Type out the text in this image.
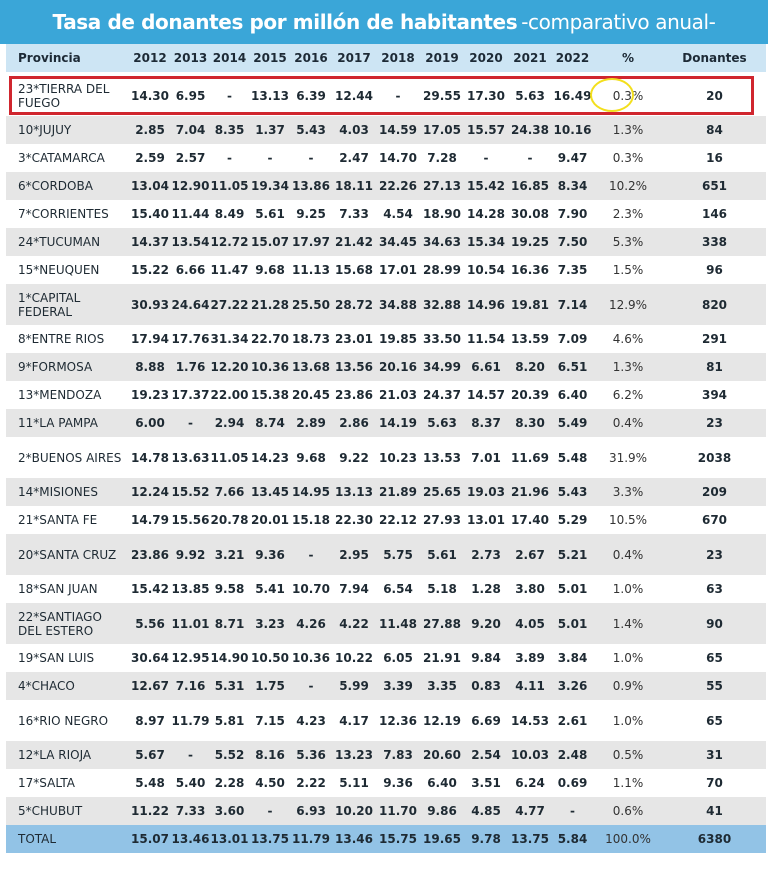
Tasa de donantes por millón de habitantes -comparativo anual-
Provincia	2012 2013 2014 2015 2016 2017 2018 2019 2020 2021 2022	%	Donantes
23*TIERRA DEL FUEGO	14.30 6.95	-	13.13 6.39 12.44	-	29.55 17.30 5.63 16.49	0.3%	20
10*JUJUY	2.85 7.04 8.35 1.37 5.43	4.03 14.59 17.05 15.57 24.38 10.16	1.3%	84
3*CATAMARCA	2.59 2.57	-	-	-	2.47 14.70 7.28	-	-	9.47	0.3%	16
6*CORDOBA	13.04 12.90 11.05 19.34 13.86 18.11 22.26 27.13 15.42 16.85 8.34	10.2%	651
7*CORRIENTES	15.40 11.44 8.49 5.61 9.25	7.33	4.54 18.90 14.28 30.08 7.90	2.3%	146
24*TUCUMAN	14.37 13.54 12.72 15.07 17.97 21.42 34.45 34.63 15.34 19.25 7.50	5.3%	338
15*NEUQUEN	15.22 6.66 11.47 9.68 11.13 15.68 17.01 28.99 10.54 16.36 7.35	1.5%	96
1*CAPITAL FEDERAL	30.93 24.64 27.22 21.28 25.50 28.72 34.88 32.88 14.96 19.81 7.14	12.9%	820
8*ENTRE RIOS	17.94 17.76 31.34 22.70 18.73 23.01 19.85 33.50 11.54 13.59 7.09	4.6%	291
9*FORMOSA	8.88 1.76 12.20 10.36 13.68 13.56 20.16 34.99 6.61	8.20	6.51	1.3%	81
13*MENDOZA	19.23 17.37 22.00 15.38 20.45 23.86 21.03 24.37 14.57 20.39 6.40	6.2%	394
11*LA PAMPA	6.00	-	2.94 8.74 2.89	2.86 14.19 5.63	8.37	8.30	5.49	0.4%	23
2*BUENOS AIRES 14.78 13.63 11.05 14.23 9.68	9.22 10.23 13.53 7.01 11.69 5.48	31.9%	2038
14*MISIONES	12.24 15.52 7.66 13.45 14.95 13.13 21.89 25.65 19.03 21.96 5.43	3.3%	209
21*SANTA FE	14.79 15.56 20.78 20.01 15.18 22.30 22.12 27.93 13.01 17.40 5.29	10.5%	670
20*SANTA CRUZ	23.86 9.92 3.21 9.36	-	2.95	5.75	5.61	2.73	2.67	5.21	0.4%	23
18*SAN JUAN	15.42 13.85 9.58 5.41 10.70 7.94	6.54	5.18	1.28	3.80	5.01	1.0%	63
22*SANTIAGO DEL ESTERO	5.56 11.01 8.71 3.23 4.26	4.22 11.48 27.88 9.20	4.05	5.01	1.4%	90
19*SAN LUIS	30.64 12.95 14.90 10.50 10.36 10.22 6.05 21.91 9.84	3.89	3.84	1.0%	65
4*CHACO	12.67 7.16 5.31 1.75	-	5.99	3.39	3.35	0.83	4.11	3.26	0.9%	55
16*RIO NEGRO	8.97 11.79 5.81 7.15 4.23	4.17 12.36 12.19 6.69 14.53 2.61	1.0%	65
12*LA RIOJA	5.67	-	5.52 8.16 5.36 13.23 7.83 20.60 2.54 10.03 2.48	0.5%	31
17*SALTA	5.48 5.40 2.28 4.50 2.22	5.11	9.36	6.40	3.51	6.24	0.69	1.1%	70
5*CHUBUT	11.22 7.33 3.60	-	6.93 10.20 11.70 9.86	4.85	4.77	-	0.6%	41
TOTAL	15.07 13.46 13.01 13.75 11.79 13.46 15.75 19.65 9.78 13.75 5.84	100.0%	6380
